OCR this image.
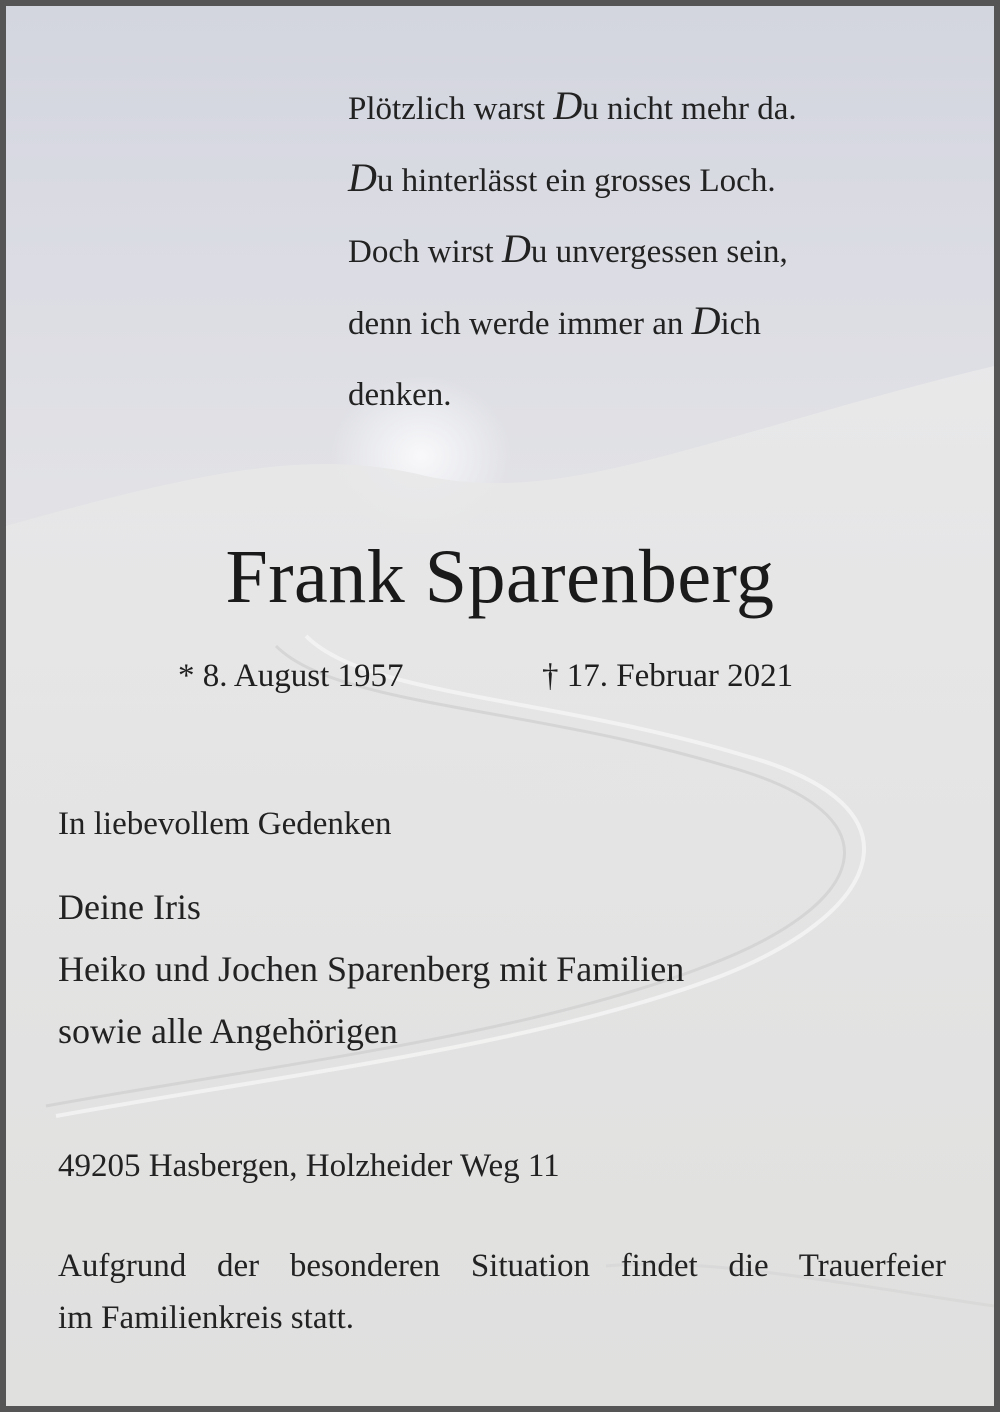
Plötzlich warst Du nicht mehr da.
Du hinterlässt ein grosses Loch.
Doch wirst Du unvergessen sein,
denn ich werde immer an Dich
denken.
Frank Sparenberg
* 8. August 1957	† 17. Februar 2021
In liebevollem Gedenken
Deine Iris
Heiko und Jochen Sparenberg mit Familien
sowie alle Angehörigen
49205 Hasbergen, Holzheider Weg 11
Aufgrund der besonderen Situation findet die Trauerfeier
im Familienkreis statt.
